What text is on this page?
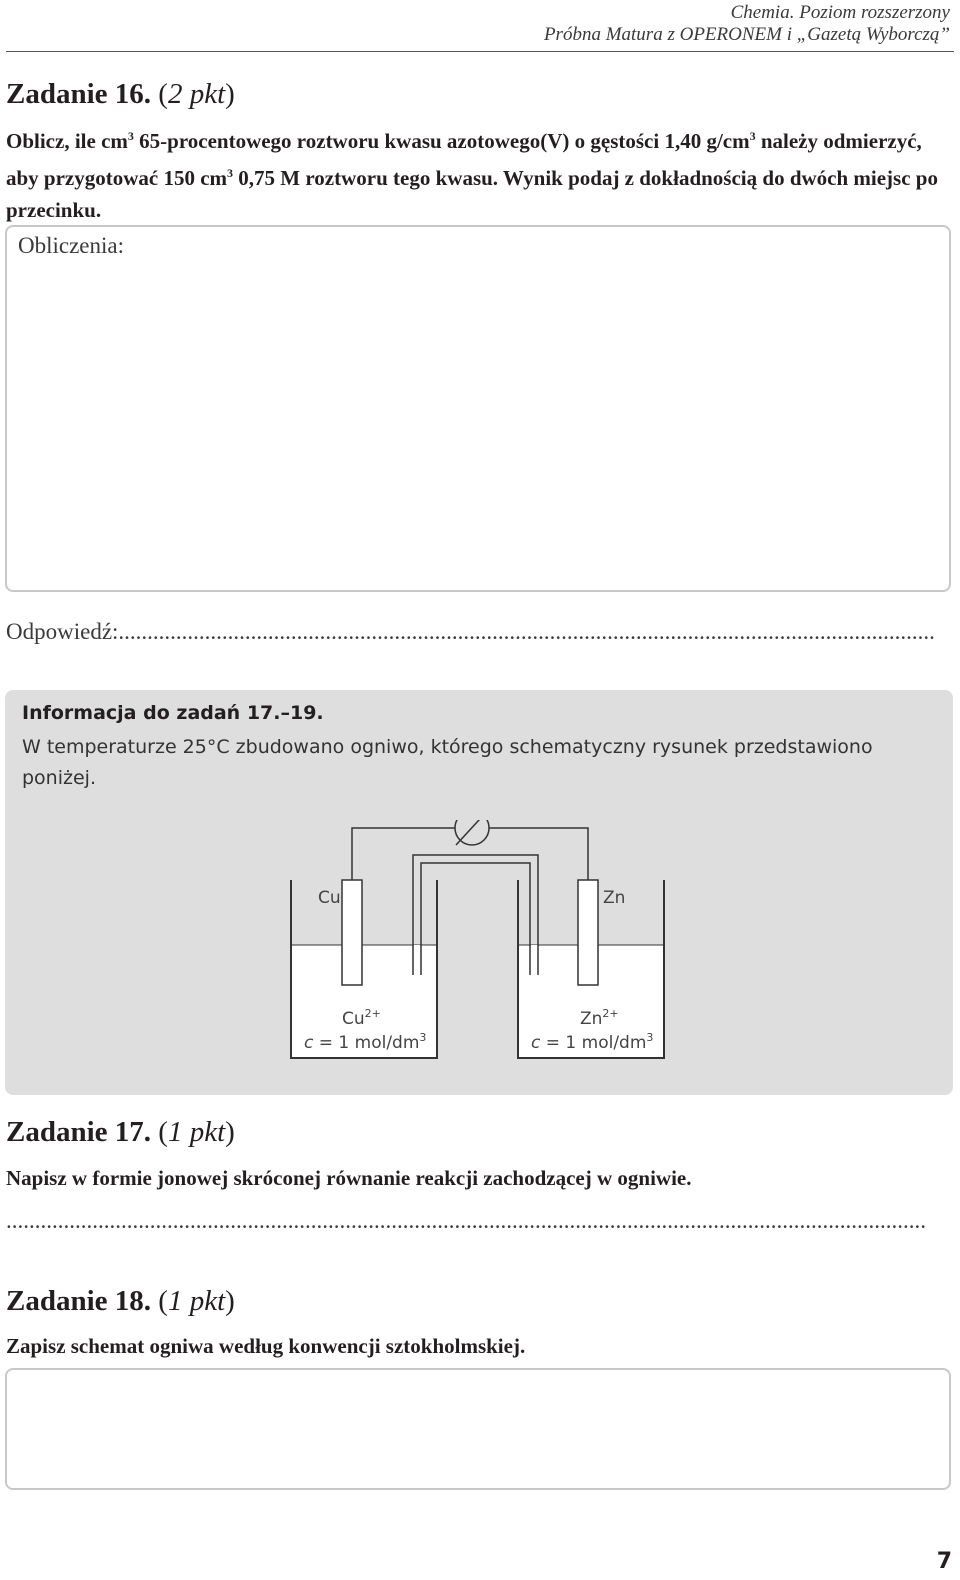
Chemia. Poziom rozszerzony
Próbna Matura z OPERONEM i „Gazetą Wyborczą”
Zadanie 16. (2 pkt)
Oblicz, ile $cm^3$ 65-procentowego roztworu kwasu azotowego(V) o gęstości 1,40 $g/cm^3$ należy odmierzyć, aby przygotować 150 $cm^3$ 0,75 M roztworu tego kwasu. Wynik podaj z dokładnością do dwóch miejsc po przecinku.
Obliczenia:
Odpowiedź:..............................................................................................................................................
Informacja do zadań 17.–19.
W temperaturze 25°C zbudowano ogniwo, którego schematyczny rysunek przedstawiono poniżej.
Cu	Zn
$Cu^{2+}$
c = 1 mol/$dm^3$
$Zn^{2+}$
c = 1 mol/$dm^3$
Zadanie 17. (1 pkt)
Napisz w formie jonowej skróconej równanie reakcji zachodzącej w ogniwie.
................................................................................................................................................................
Zadanie 18. (1 pkt)
Zapisz schemat ogniwa według konwencji sztokholmskiej.
7
